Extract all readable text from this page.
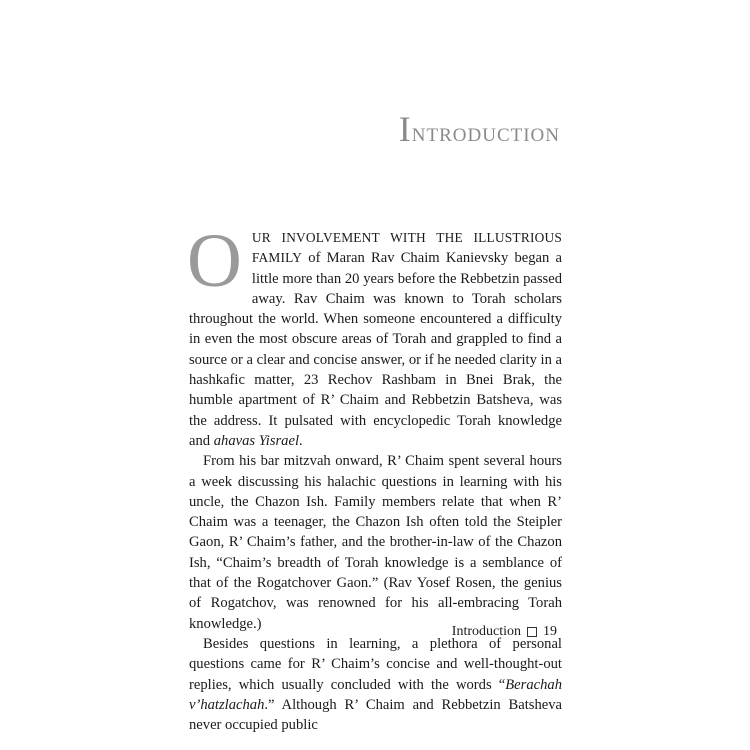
Introduction

OUR INVOLVEMENT WITH THE ILLUSTRIOUS FAMILY of Maran Rav Chaim Kanievsky began a little more than 20 years before the Rebbetzin passed away. Rav Chaim was known to Torah scholars throughout the world. When someone encountered a difficulty in even the most obscure areas of Torah and grappled to find a source or a clear and concise answer, or if he needed clarity in a hashkafic matter, 23 Rechov Rashbam in Bnei Brak, the humble apartment of R’ Chaim and Rebbetzin Batsheva, was the address. It pulsated with encyclopedic Torah knowledge and ahavas Yisrael.

From his bar mitzvah onward, R’ Chaim spent several hours a week discussing his halachic questions in learning with his uncle, the Chazon Ish. Family members relate that when R’ Chaim was a teenager, the Chazon Ish often told the Steipler Gaon, R’ Chaim’s father, and the brother-in-law of the Chazon Ish, “Chaim’s breadth of Torah knowledge is a semblance of that of the Rogatchover Gaon.” (Rav Yosef Rosen, the genius of Rogatchov, was renowned for his all-embracing Torah knowledge.)

Besides questions in learning, a plethora of personal questions came for R’ Chaim’s concise and well-thought-out replies, which usually concluded with the words “Berachah v’hatzlachah.” Although R’ Chaim and Rebbetzin Batsheva never occupied public

Introduction 19
